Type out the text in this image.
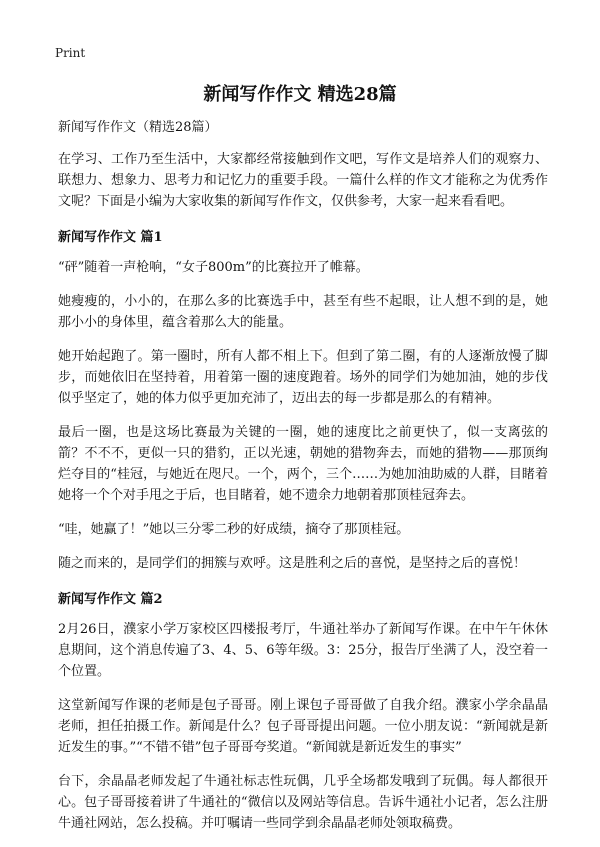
Print
新闻写作作文 精选28篇
新闻写作作文（精选28篇）

在学习、工作乃至生活中，大家都经常接触到作文吧，写作文是培养人们的观察力、联想力、想象力、思考力和记忆力的重要手段。一篇什么样的作文才能称之为优秀作文呢？下面是小编为大家收集的新闻写作作文，仅供参考，大家一起来看看吧。

新闻写作作文 篇1

“砰”随着一声枪响，“女子800m”的比赛拉开了帷幕。

她瘦瘦的，小小的，在那么多的比赛选手中，甚至有些不起眼，让人想不到的是，她那小小的身体里，蕴含着那么大的能量。

她开始起跑了。第一圈时，所有人都不相上下。但到了第二圈，有的人逐渐放慢了脚步，而她依旧在坚持着，用着第一圈的速度跑着。场外的同学们为她加油，她的步伐似乎坚定了，她的体力似乎更加充沛了，迈出去的每一步都是那么的有精神。

最后一圈，也是这场比赛最为关键的一圈，她的速度比之前更快了，似一支离弦的箭？不不不，更似一只的猎豹，正以光速，朝她的猎物奔去，而她的猎物——那顶绚烂夺目的“桂冠，与她近在咫尺。一个，两个，三个……为她加油助威的人群，目睹着她将一个个对手甩之于后，也目睹着，她不遗余力地朝着那顶桂冠奔去。

“哇，她赢了！”她以三分零二秒的好成绩，摘夺了那顶桂冠。

随之而来的，是同学们的拥簇与欢呼。这是胜利之后的喜悦，是坚持之后的喜悦！

新闻写作作文 篇2

2月26日，濮家小学万家校区四楼报考厅，牛通社举办了新闻写作课。在中午午休休息期间，这个消息传遍了3、4、5、6等年级。3：25分，报告厅坐满了人，没空着一个位置。

这堂新闻写作课的老师是包子哥哥。刚上课包子哥哥做了自我介绍。濮家小学余晶晶老师，担任拍摄工作。新闻是什么？包子哥哥提出问题。一位小朋友说：“新闻就是新近发生的事。”“不错不错”包子哥哥夸奖道。“新闻就是新近发生的事实”

台下，余晶晶老师发起了牛通社标志性玩偶，几乎全场都发哦到了玩偶。每人都很开心。包子哥哥接着讲了牛通社的“微信以及网站等信息。告诉牛通社小记者，怎么注册牛通社网站，怎么投稿。并叮嘱请一些同学到余晶晶老师处领取稿费。
